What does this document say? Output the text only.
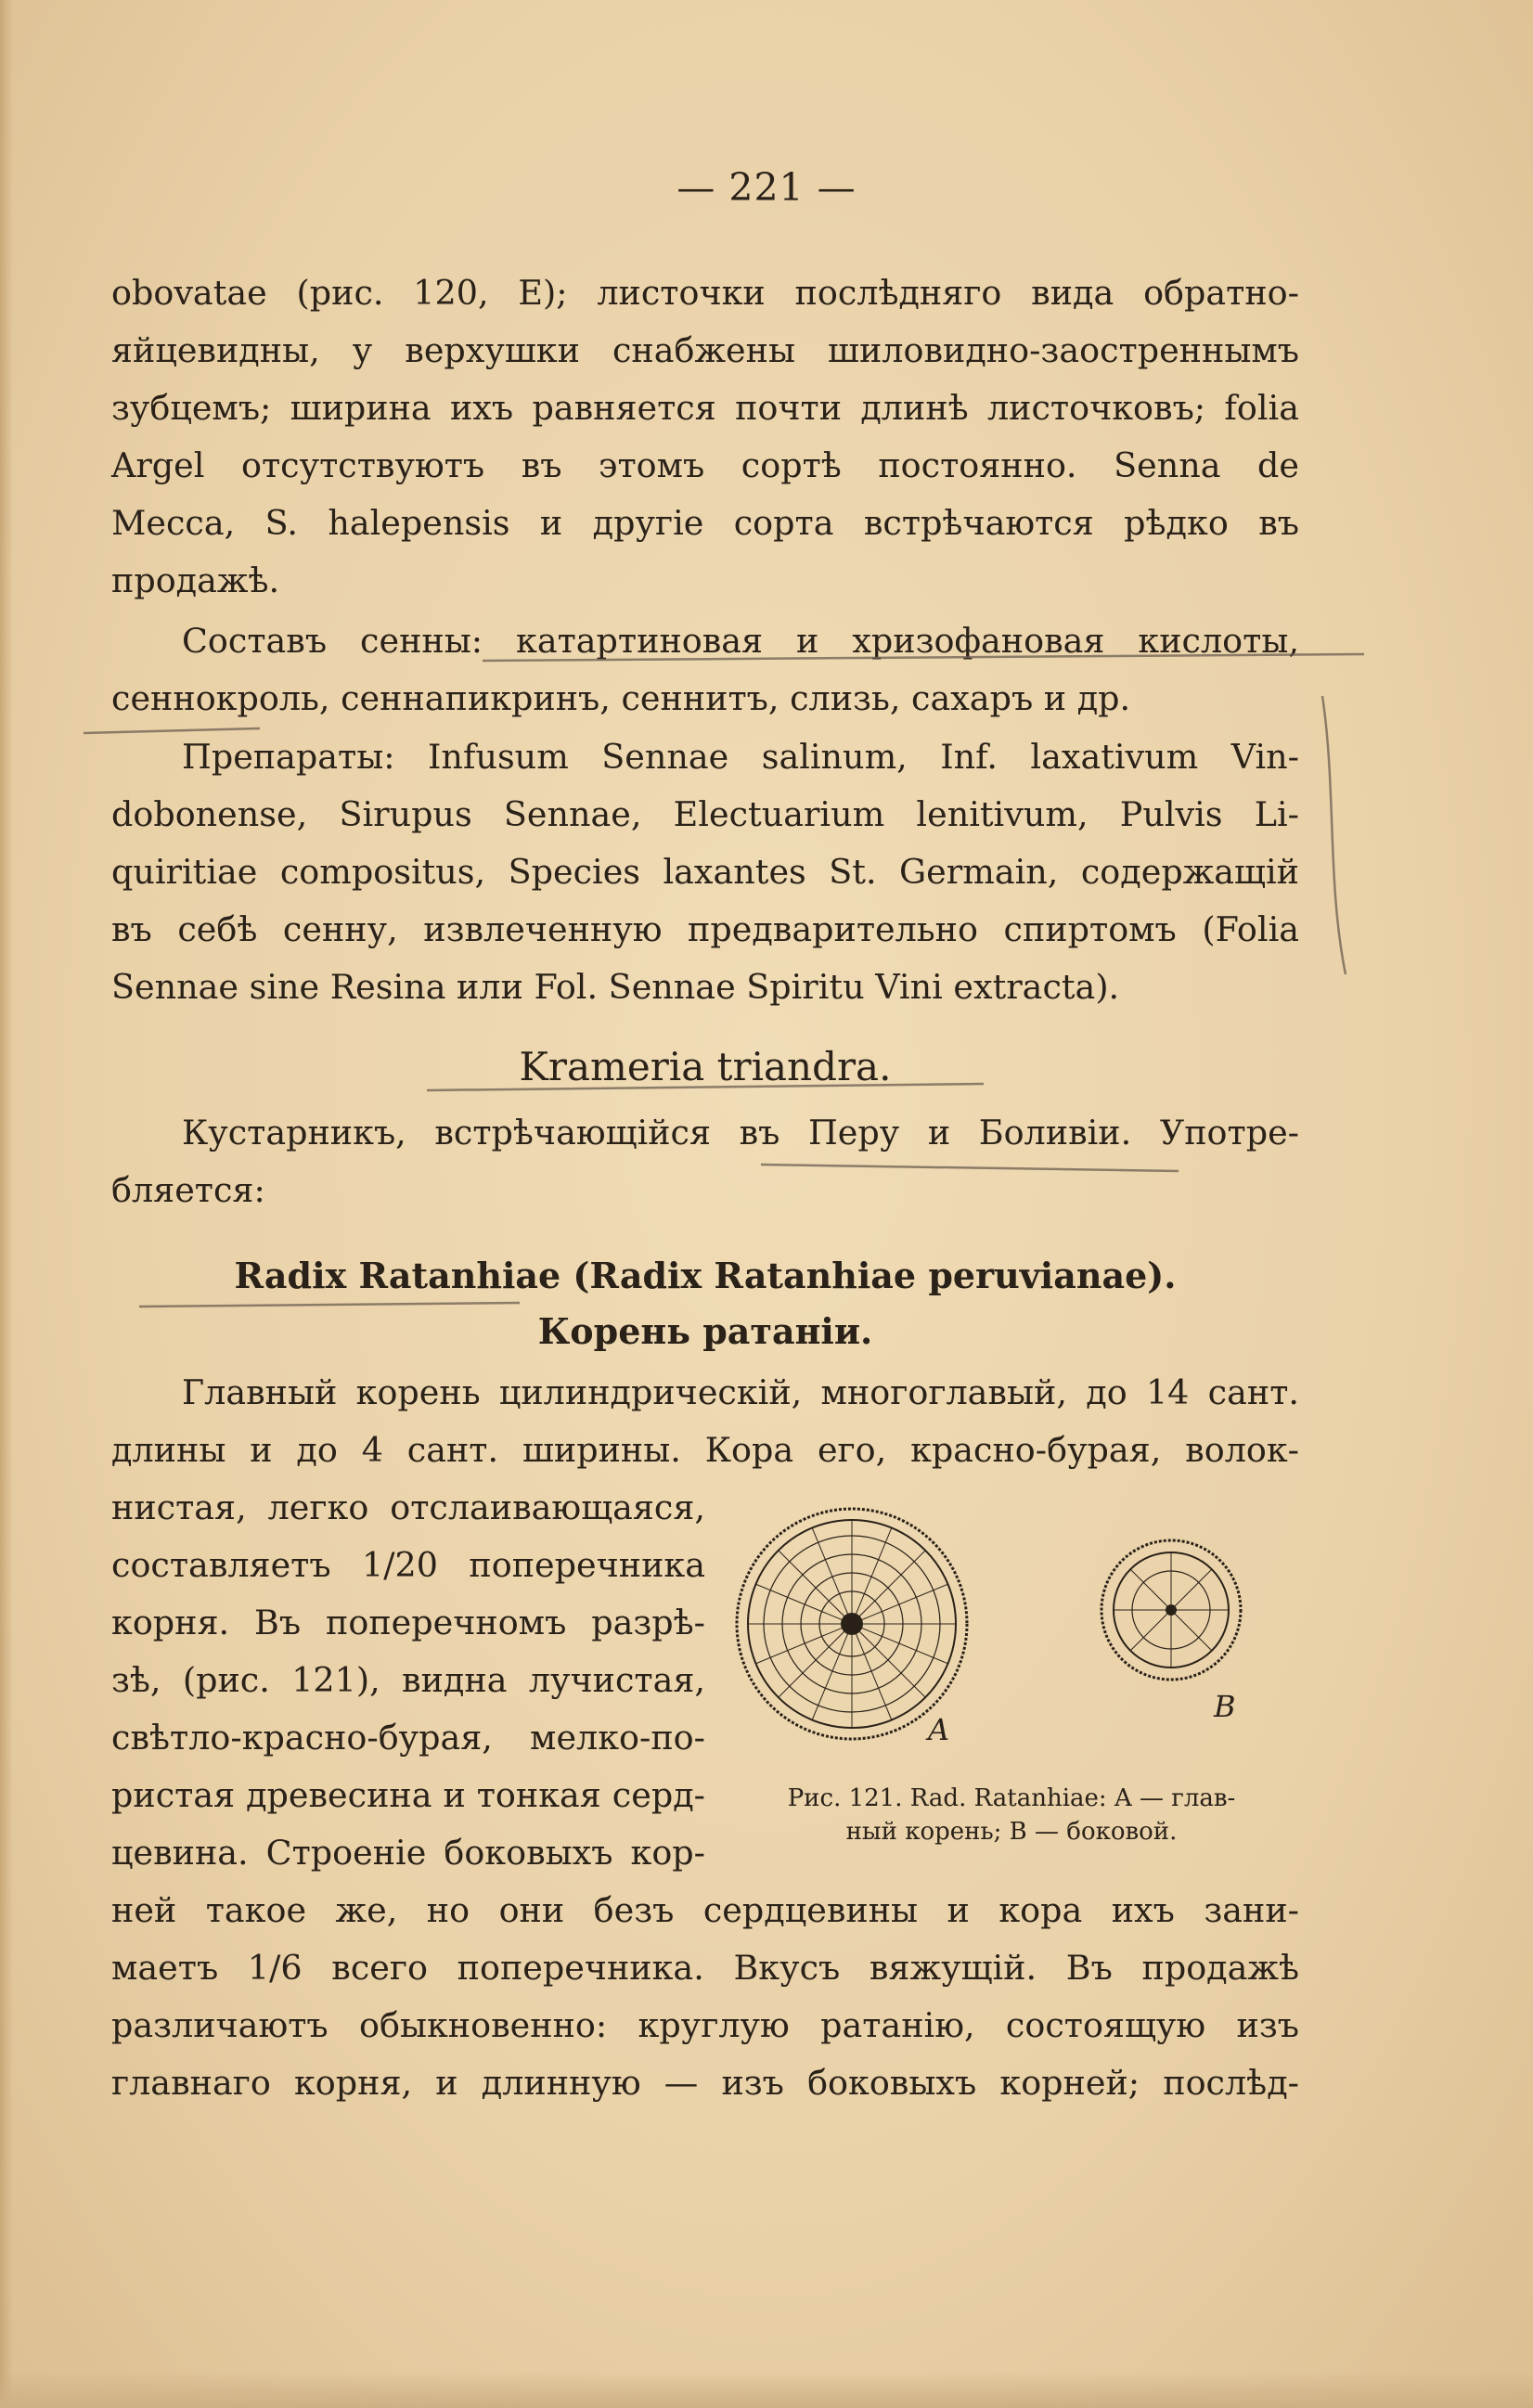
— 221 —
obovatae (рис. 120, E); листочки послѣдняго вида обратно-
яйцевидны, у верхушки снабжены шиловидно-заостреннымъ
зубцемъ; ширина ихъ равняется почти длинѣ листочковъ; folia
Argel отсутствуютъ въ этомъ сортѣ постоянно. Senna de
Mecca, S. halepensis и другіе сорта встрѣчаются рѣдко въ
продажѣ.
Составъ сенны: катартиновая и хризофановая кислоты,
сеннокроль, сеннапикринъ, сеннитъ, слизь, сахаръ и др.
Препараты: Infusum Sennae salinum, Inf. laxativum Vin-
dobonense, Sirupus Sennae, Electuarium lenitivum, Pulvis Li-
quiritiae compositus, Species laxantes St. Germain, содержащій
въ себѣ сенну, извлеченную предварительно спиртомъ (Folia
Sennae sine Resina или Fol. Sennae Spiritu Vini extracta).
Krameria triandra.
Кустарникъ, встрѣчающійся въ Перу и Боливіи. Употре-
бляется:
Radix Ratanhiae (Radix Ratanhiae peruvianae).
Корень ратаніи.
Главный корень цилиндрическій, многоглавый, до 14 сант.
длины и до 4 сант. ширины. Кора его, красно-бурая, волок-
нистая, легко отслаивающаяся,
составляетъ 1/20 поперечника
корня. Въ поперечномъ разрѣ-
зѣ, (рис. 121), видна лучистая,
свѣтло-красно-бурая, мелко-по-
ристая древесина и тонкая серд-
цевина. Строеніе боковыхъ кор-
ней такое же, но они безъ сердцевины и кора ихъ зани-
маетъ 1/6 всего поперечника. Вкусъ вяжущій. Въ продажѣ
различаютъ обыкновенно: круглую ратанію, состоящую изъ
главнаго корня, и длинную — изъ боковыхъ корней; послѣд-
A
B
Рис. 121. Rad. Ratanhiae: A — глав-
ный корень; B — боковой.
